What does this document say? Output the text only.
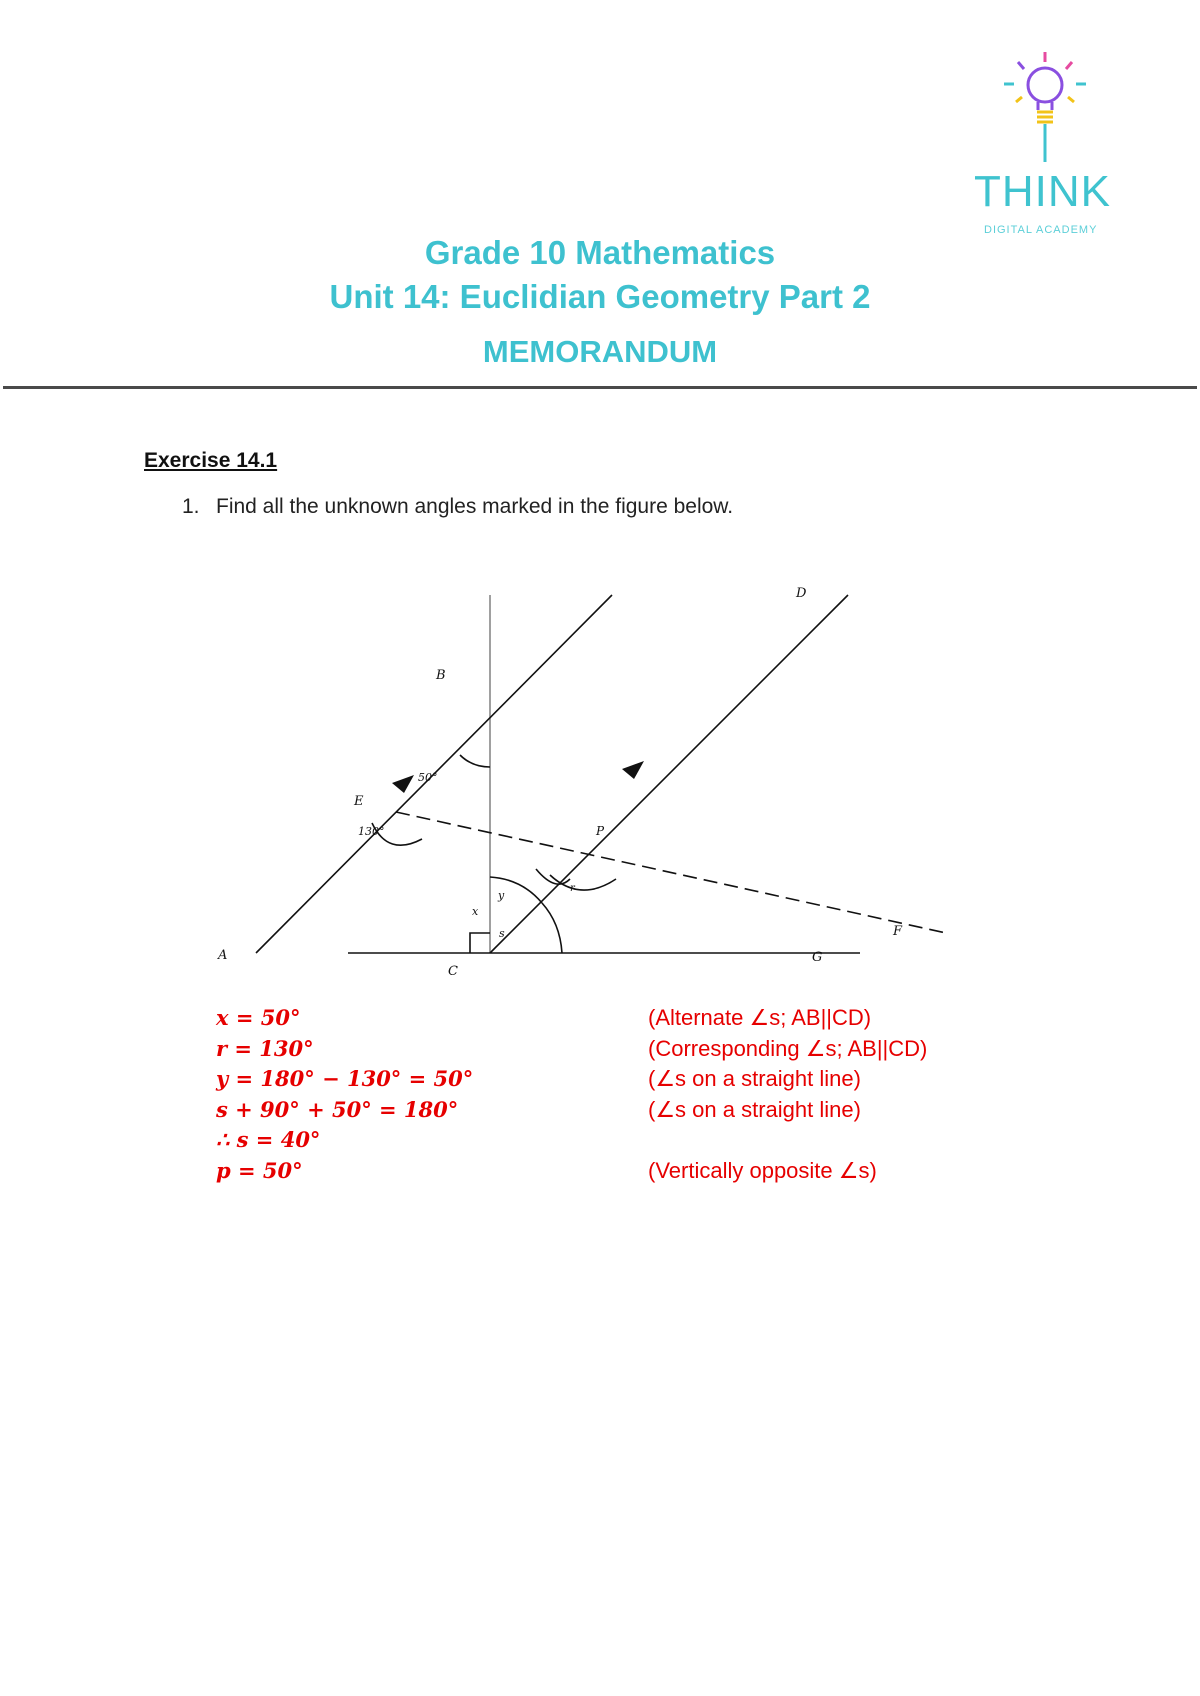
THINK
DIGITAL ACADEMY
Grade 10 Mathematics
Unit 14: Euclidian Geometry Part 2
MEMORANDUM
Exercise 14.1
1. Find all the unknown angles marked in the figure below.
A
B
C
D
E
F
G
50°
130°
x
y
s
P
r
x = 50°	(Alternate ∠s; AB||CD)
r = 130°	(Corresponding ∠s; AB||CD)
y = 180° − 130° = 50°	(∠s on a straight line)
s + 90° + 50° = 180°	(∠s on a straight line)
∴ s = 40°
p = 50°	(Vertically opposite ∠s)
